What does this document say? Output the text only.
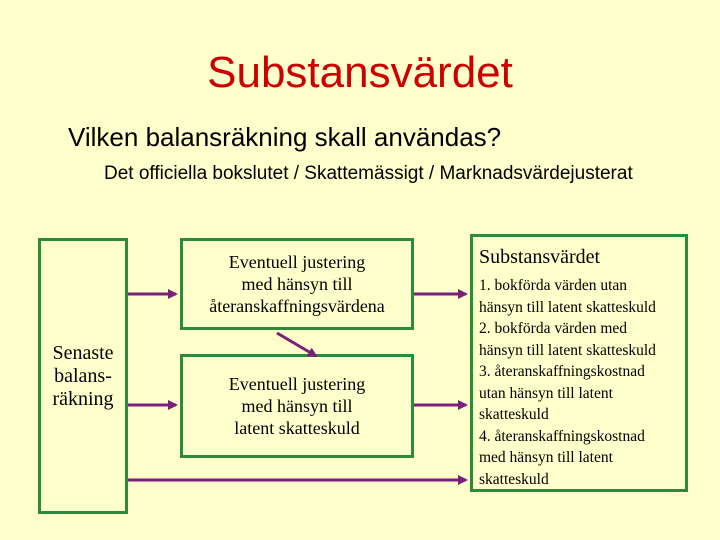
Substansvärdet
Vilken balansräkning skall användas?
Det officiella bokslutet / Skattemässigt / Marknadsvärdejusterat
Senaste
balans-
räkning
Eventuell justering
med hänsyn till
återanskaffningsvärdena
Eventuell justering
med hänsyn till
latent skatteskuld
Substansvärdet
1. bokförda värden utan
hänsyn till latent skatteskuld
2. bokförda värden med
hänsyn till latent skatteskuld
3. återanskaffningskostnad
utan hänsyn till latent
skatteskuld
4. återanskaffningskostnad
med hänsyn till latent
skatteskuld
